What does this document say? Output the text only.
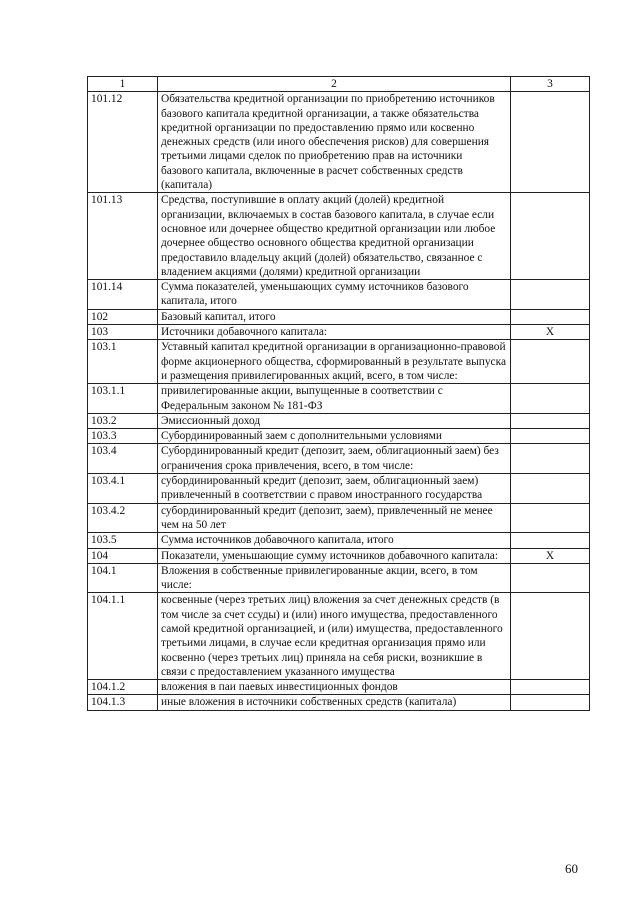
1	2	3
101.12	Обязательства кредитной организации по приобретению источников базового капитала кредитной организации, а также обязательства кредитной организации по предоставлению прямо или косвенно денежных средств (или иного обеспечения рисков) для совершения третьими лицами сделок по приобретению прав на источники базового капитала, включенные в расчет собственных средств (капитала)	
101.13	Средства, поступившие в оплату акций (долей) кредитной организации, включаемых в состав базового капитала, в случае если основное или дочернее общество кредитной организации или любое дочернее общество основного общества кредитной организации предоставило владельцу акций (долей) обязательство, связанное с владением акциями (долями) кредитной организации	
101.14	Сумма показателей, уменьшающих сумму источников базового капитала, итого	
102	Базовый капитал, итого	
103	Источники добавочного капитала:	X
103.1	Уставный капитал кредитной организации в организационно-правовой форме акционерного общества, сформированный в результате выпуска и размещения привилегированных акций, всего, в том числе:	
103.1.1	привилегированные акции, выпущенные в соответствии с Федеральным законом № 181-ФЗ	
103.2	Эмиссионный доход	
103.3	Субординированный заем с дополнительными условиями	
103.4	Субординированный кредит (депозит, заем, облигационный заем) без ограничения срока привлечения, всего, в том числе:	
103.4.1	субординированный кредит (депозит, заем, облигационный заем) привлеченный в соответствии с правом иностранного государства	
103.4.2	субординированный кредит (депозит, заем), привлеченный не менее чем на 50 лет	
103.5	Сумма источников добавочного капитала, итого	
104	Показатели, уменьшающие сумму источников добавочного капитала:	X
104.1	Вложения в собственные привилегированные акции, всего, в том числе:	
104.1.1	косвенные (через третьих лиц) вложения за счет денежных средств (в том числе за счет ссуды) и (или) иного имущества, предоставленного самой кредитной организацией, и (или) имущества, предоставленного третьими лицами, в случае если кредитная организация прямо или косвенно (через третьих лиц) приняла на себя риски, возникшие в связи с предоставлением указанного имущества	
104.1.2	вложения в паи паевых инвестиционных фондов	
104.1.3	иные вложения в источники собственных средств (капитала)	
60
